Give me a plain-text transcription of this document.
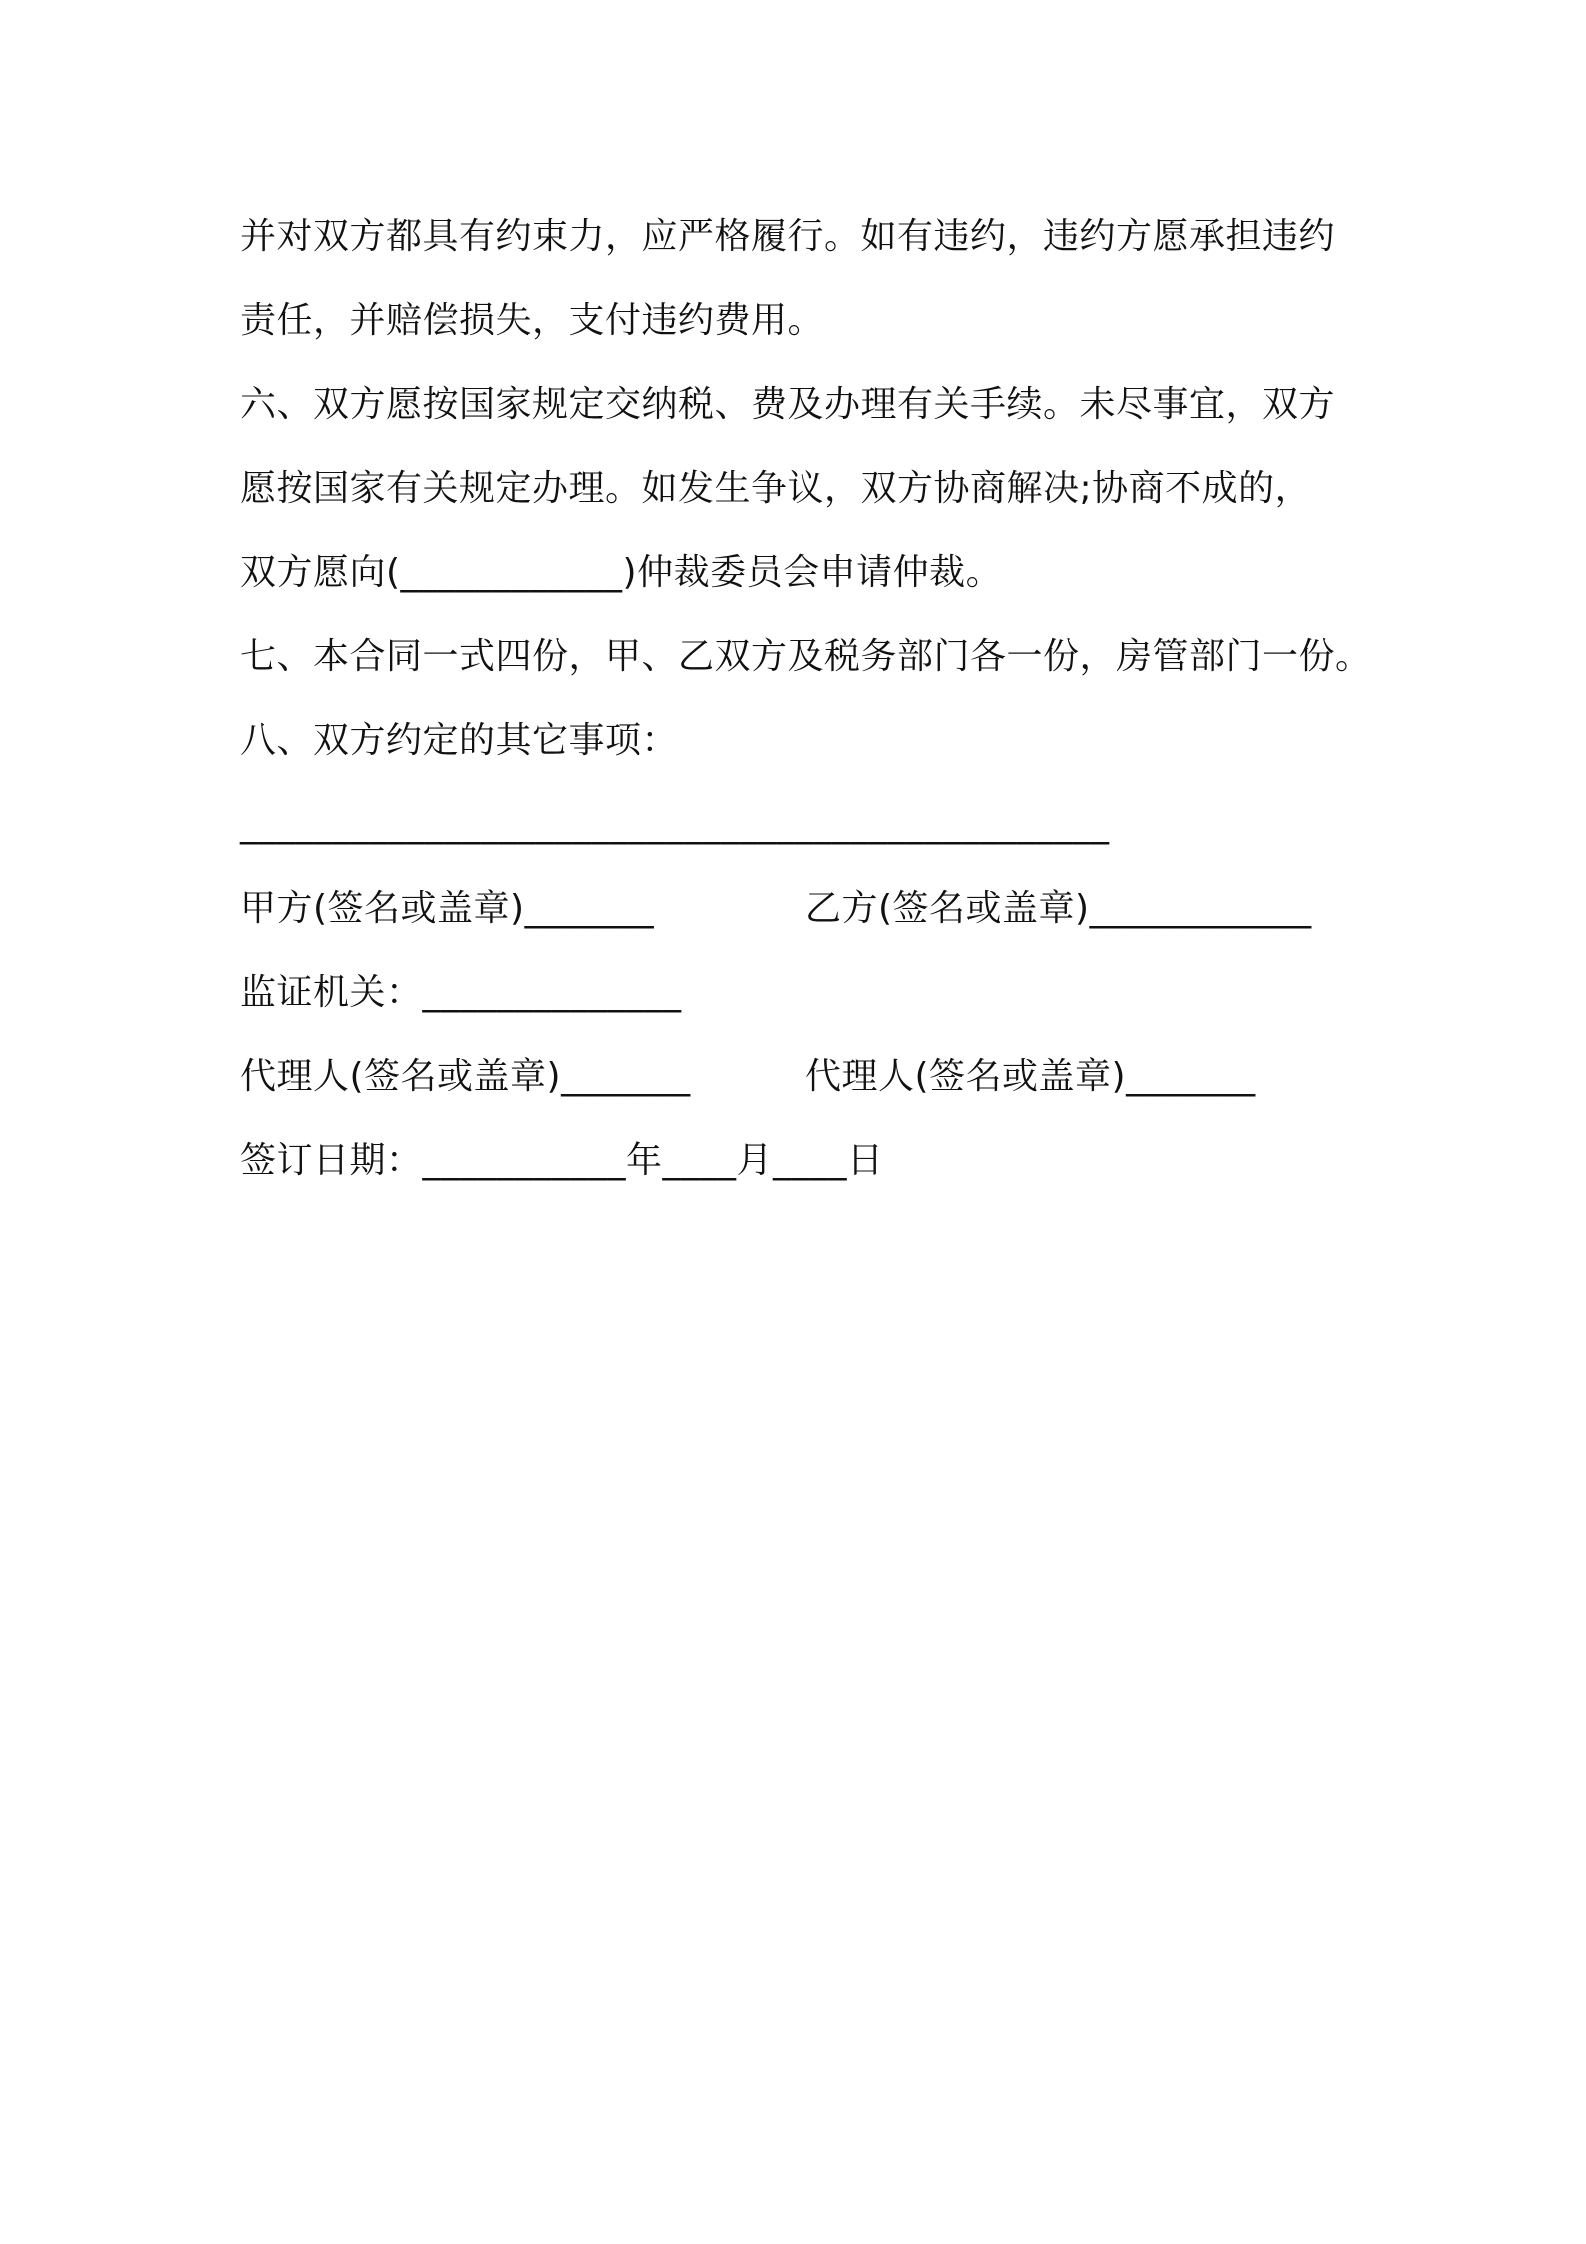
并对双方都具有约束力，应严格履行。如有违约，违约方愿承担违约
责任，并赔偿损失，支付违约费用。
六、双方愿按国家规定交纳税、费及办理有关手续。未尽事宜，双方
愿按国家有关规定办理。如发生争议，双方协商解决;协商不成的，
双方愿向(____________)仲裁委员会申请仲裁。
七、本合同一式四份，甲、乙双方及税务部门各一份，房管部门一份。
八、双方约定的其它事项：
_______________________________________________
甲方(签名或盖章)_______	乙方(签名或盖章)____________
监证机关：______________
代理人(签名或盖章)_______	代理人(签名或盖章)_______
签订日期：___________年____月____日
